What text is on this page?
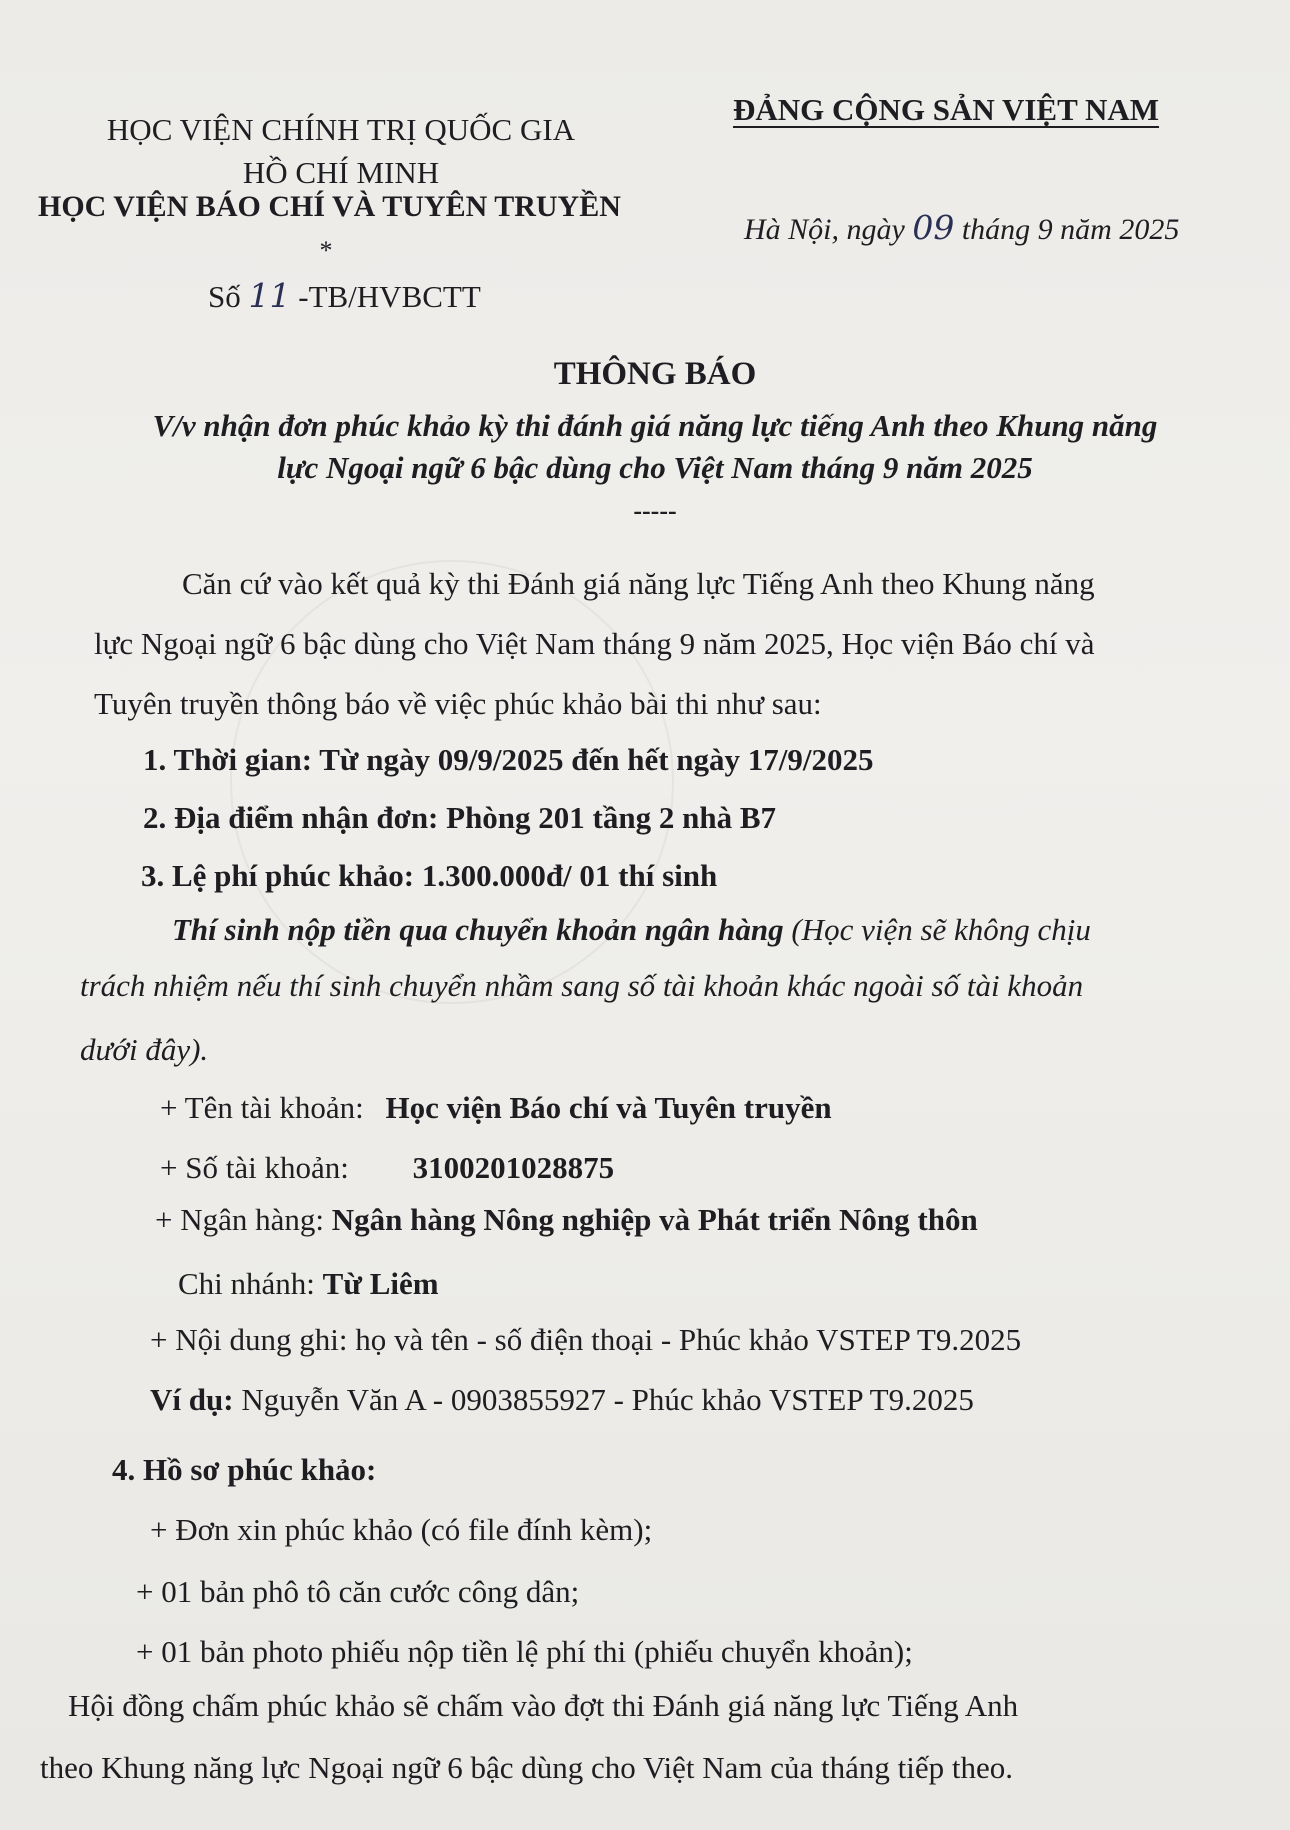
HỌC VIỆN CHÍNH TRỊ QUỐC GIA
HỒ CHÍ MINH
HỌC VIỆN BÁO CHÍ VÀ TUYÊN TRUYỀN
*
Số 11 -TB/HVBCTT
ĐẢNG CỘNG SẢN VIỆT NAM
Hà Nội, ngày 09 tháng 9 năm 2025
THÔNG BÁO
V/v nhận đơn phúc khảo kỳ thi đánh giá năng lực tiếng Anh theo Khung năng
lực Ngoại ngữ 6 bậc dùng cho Việt Nam tháng 9 năm 2025
-----
Căn cứ vào kết quả kỳ thi Đánh giá năng lực Tiếng Anh theo Khung năng
lực Ngoại ngữ 6 bậc dùng cho Việt Nam tháng 9 năm 2025, Học viện Báo chí và
Tuyên truyền thông báo về việc phúc khảo bài thi như sau:
1. Thời gian: Từ ngày 09/9/2025 đến hết ngày 17/9/2025
2. Địa điểm nhận đơn: Phòng 201 tầng 2 nhà B7
3. Lệ phí phúc khảo: 1.300.000đ/ 01 thí sinh
Thí sinh nộp tiền qua chuyển khoản ngân hàng (Học viện sẽ không chịu
trách nhiệm nếu thí sinh chuyển nhầm sang số tài khoản khác ngoài số tài khoản
dưới đây).
+ Tên tài khoản: Học viện Báo chí và Tuyên truyền
+ Số tài khoản: 3100201028875
+ Ngân hàng: Ngân hàng Nông nghiệp và Phát triển Nông thôn
Chi nhánh: Từ Liêm
+ Nội dung ghi: họ và tên - số điện thoại - Phúc khảo VSTEP T9.2025
Ví dụ: Nguyễn Văn A - 0903855927 - Phúc khảo VSTEP T9.2025
4. Hồ sơ phúc khảo:
+ Đơn xin phúc khảo (có file đính kèm);
+ 01 bản phô tô căn cước công dân;
+ 01 bản photo phiếu nộp tiền lệ phí thi (phiếu chuyển khoản);
Hội đồng chấm phúc khảo sẽ chấm vào đợt thi Đánh giá năng lực Tiếng Anh
theo Khung năng lực Ngoại ngữ 6 bậc dùng cho Việt Nam của tháng tiếp theo.
